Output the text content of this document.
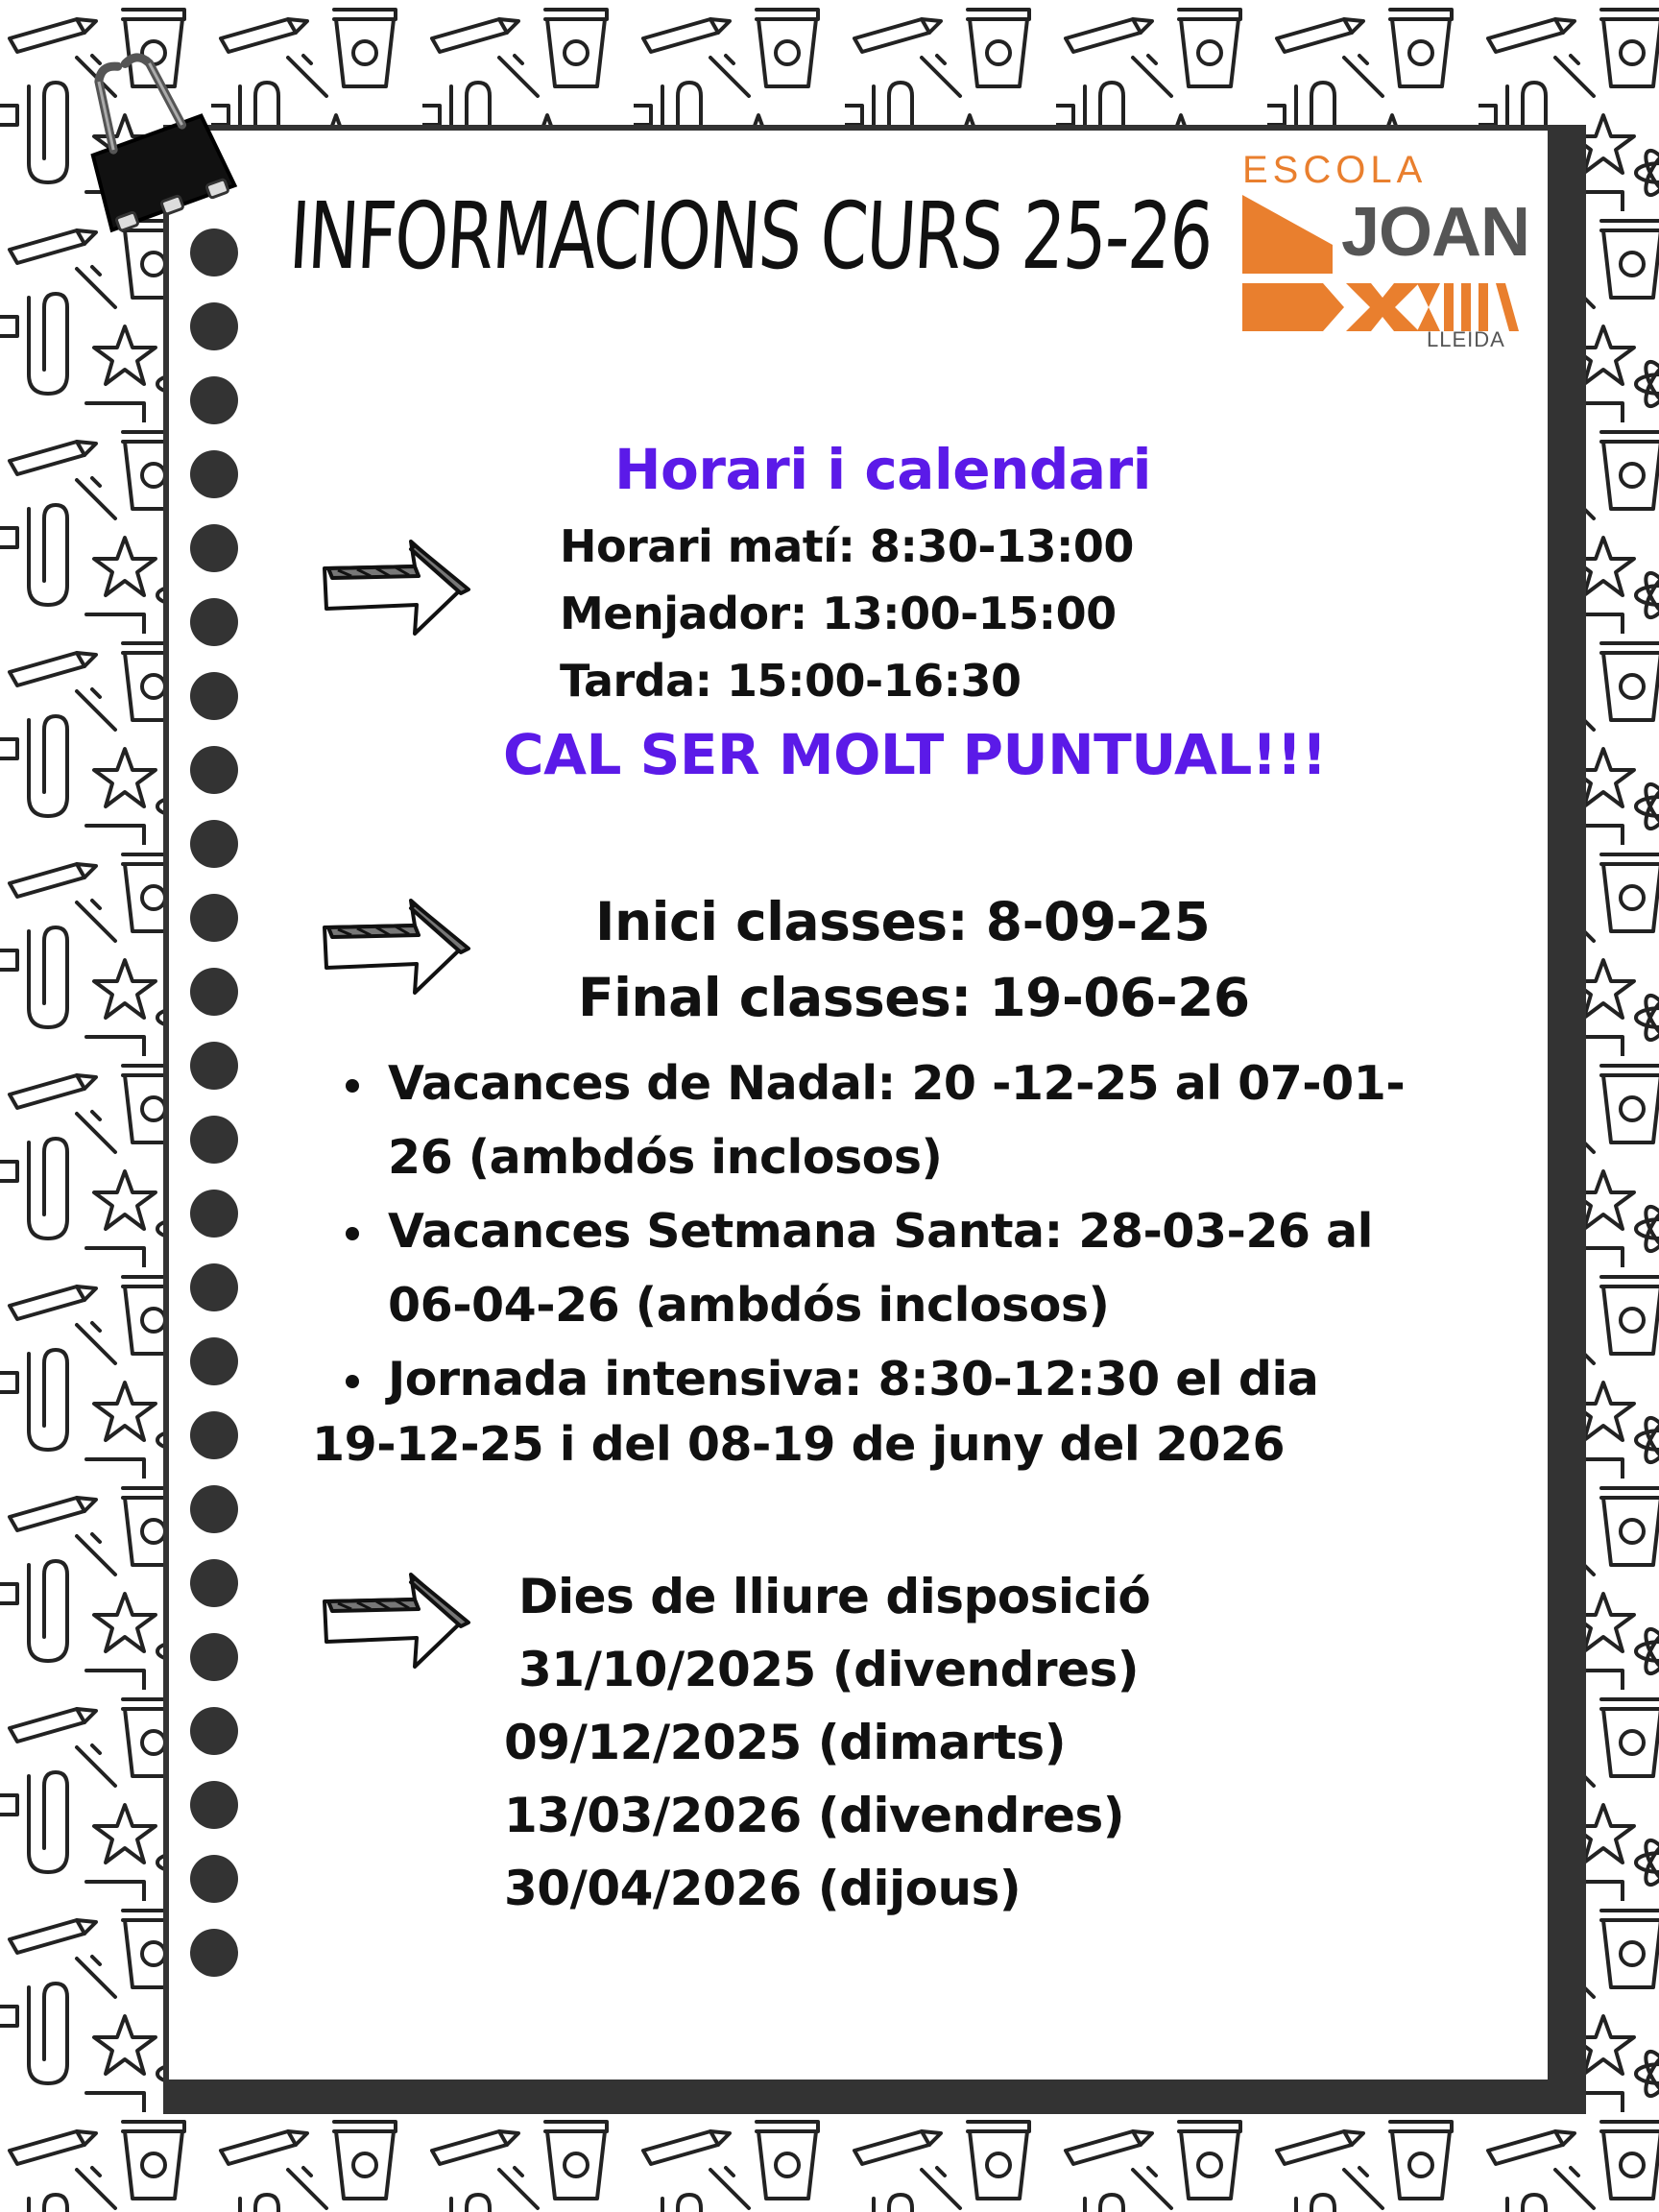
INFORMACIONS CURS 25-26
ESCOLA
JOAN
LLEIDA
Horari i calendari
Horari matí: 8:30-13:00
Menjador: 13:00-15:00
Tarda: 15:00-16:30
CAL SER MOLT PUNTUAL!!!
Inici classes: 8-09-25
Final classes: 19-06-26

Vacances de Nadal: 20 -12-25 al 07-01-26 (ambdós inclosos)

Vacances Setmana Santa: 28-03-26 al 06-04-26 (ambdós inclosos)

Jornada intensiva: 8:30-12:30 el dia

19-12-25 i del 08-19 de juny del 2026
Dies de lliure disposició
31/10/2025 (divendres)
09/12/2025 (dimarts)
13/03/2026 (divendres)
30/04/2026 (dijous)
